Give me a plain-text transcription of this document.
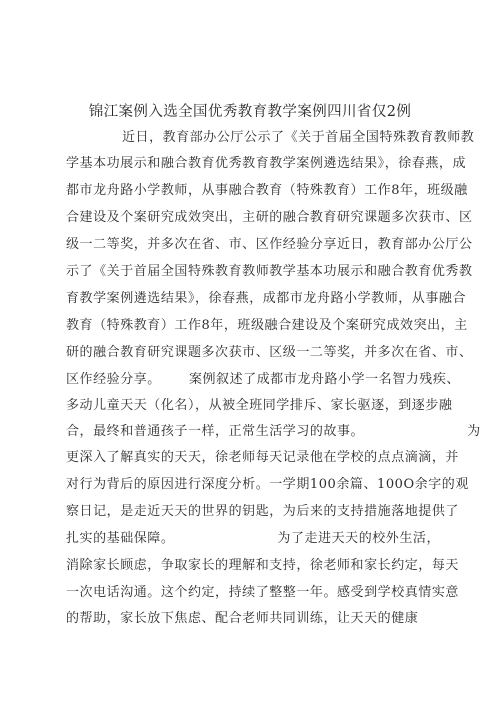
锦江案例入选全国优秀教育教学案例四川省仅2例
近日，教育部办公厅公示了《关于首届全国特殊教育教师教
学基本功展示和融合教育优秀教育教学案例遴选结果》，徐春燕，成
都市龙舟路小学教师，从事融合教育（特殊教育）工作8年，班级融
合建设及个案研究成效突出，主研的融合教育研究课题多次获市、区
级一二等奖，并多次在省、市、区作经验分享近日，教育部办公厅公
示了《关于首届全国特殊教育教师教学基本功展示和融合教育优秀教
育教学案例遴选结果》，徐春燕，成都市龙舟路小学教师，从事融合
教育（特殊教育）工作8年，班级融合建设及个案研究成效突出，主
研的融合教育研究课题多次获市、区级一二等奖，并多次在省、市、
区作经验分享。      案例叙述了成都市龙舟路小学一名智力残疾、
多动儿童天天（化名），从被全班同学排斥、家长驱逐，到逐步融
合，最终和普通孩子一样，正常生活学习的故事。                      为
更深入了解真实的天天，徐老师每天记录他在学校的点点滴滴，并
对行为背后的原因进行深度分析。一学期100余篇、100O余字的观
察日记，是走近天天的世界的钥匙，为后来的支持措施落地提供了
扎实的基础保障。                      为了走进天天的校外生活，
消除家长顾虑，争取家长的理解和支持，徐老师和家长约定，每天
一次电话沟通。这个约定，持续了整整一年。感受到学校真情实意
的帮助，家长放下焦虑、配合老师共同训练，让天天的健康
